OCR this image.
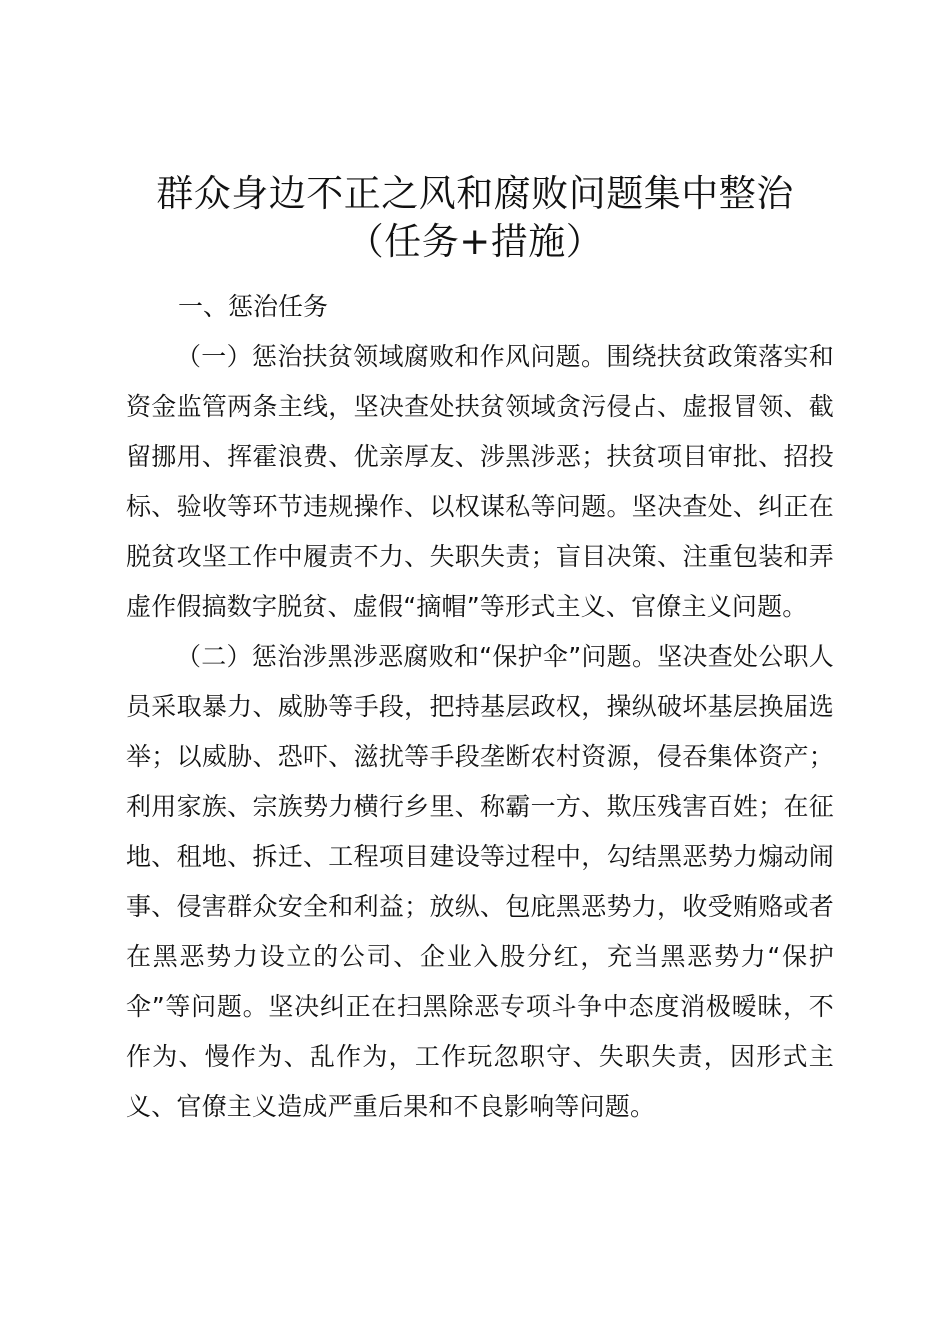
群众身边不正之风和腐败问题集中整治（任务+措施）

一、惩治任务

（一）惩治扶贫领域腐败和作风问题。围绕扶贫政策落实和资金监管两条主线，坚决查处扶贫领域贪污侵占、虚报冒领、截留挪用、挥霍浪费、优亲厚友、涉黑涉恶；扶贫项目审批、招投标、验收等环节违规操作、以权谋私等问题。坚决查处、纠正在脱贫攻坚工作中履责不力、失职失责；盲目决策、注重包装和弄虚作假搞数字脱贫、虚假“摘帽”等形式主义、官僚主义问题。

（二）惩治涉黑涉恶腐败和“保护伞”问题。坚决查处公职人员采取暴力、威胁等手段，把持基层政权，操纵破坏基层换届选举；以威胁、恐吓、滋扰等手段垄断农村资源，侵吞集体资产；利用家族、宗族势力横行乡里、称霸一方、欺压残害百姓；在征地、租地、拆迁、工程项目建设等过程中，勾结黑恶势力煽动闹事、侵害群众安全和利益；放纵、包庇黑恶势力，收受贿赂或者在黑恶势力设立的公司、企业入股分红，充当黑恶势力“保护伞”等问题。坚决纠正在扫黑除恶专项斗争中态度消极暧昧，不作为、慢作为、乱作为，工作玩忽职守、失职失责，因形式主义、官僚主义造成严重后果和不良影响等问题。
